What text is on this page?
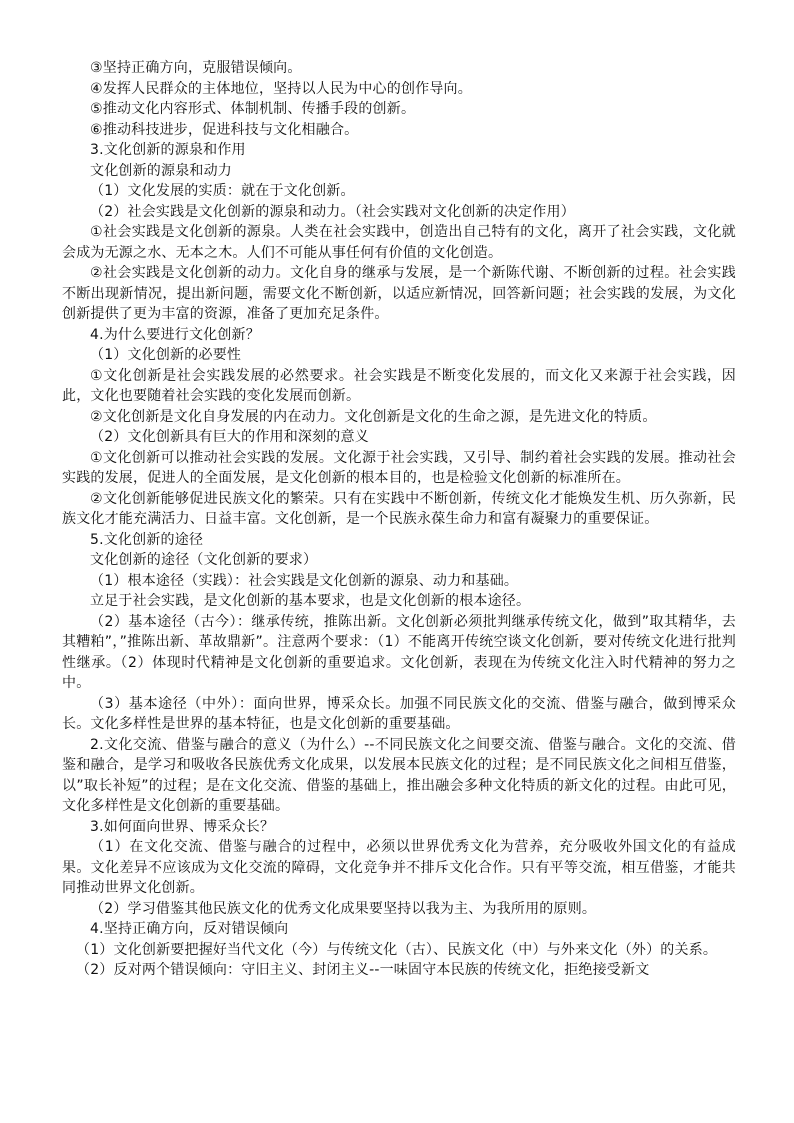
③坚持正确方向，克服错误倾向。

④发挥人民群众的主体地位，坚持以人民为中心的创作导向。

⑤推动文化内容形式、体制机制、传播手段的创新。

⑥推动科技进步，促进科技与文化相融合。

3.文化创新的源泉和作用

文化创新的源泉和动力

（1）文化发展的实质：就在于文化创新。

（2）社会实践是文化创新的源泉和动力。（社会实践对文化创新的决定作用）

①社会实践是文化创新的源泉。人类在社会实践中，创造出自己特有的文化，离开了社会实践，文化就会成为无源之水、无本之木。人们不可能从事任何有价值的文化创造。

②社会实践是文化创新的动力。文化自身的继承与发展，是一个新陈代谢、不断创新的过程。社会实践不断出现新情况，提出新问题，需要文化不断创新，以适应新情况，回答新问题；社会实践的发展，为文化创新提供了更为丰富的资源，准备了更加充足条件。

4.为什么要进行文化创新？

（1）文化创新的必要性

①文化创新是社会实践发展的必然要求。社会实践是不断变化发展的，而文化又来源于社会实践，因此，文化也要随着社会实践的变化发展而创新。

②文化创新是文化自身发展的内在动力。文化创新是文化的生命之源，是先进文化的特质。

（2）文化创新具有巨大的作用和深刻的意义

①文化创新可以推动社会实践的发展。文化源于社会实践，又引导、制约着社会实践的发展。推动社会实践的发展，促进人的全面发展，是文化创新的根本目的，也是检验文化创新的标准所在。

②文化创新能够促进民族文化的繁荣。只有在实践中不断创新，传统文化才能焕发生机、历久弥新，民族文化才能充满活力、日益丰富。文化创新，是一个民族永葆生命力和富有凝聚力的重要保证。

5.文化创新的途径

文化创新的途径（文化创新的要求）

（1）根本途径（实践）：社会实践是文化创新的源泉、动力和基础。

立足于社会实践，是文化创新的基本要求，也是文化创新的根本途径。

（2）基本途径（古今）：继承传统，推陈出新。文化创新必须批判继承传统文化，做到”取其精华，去其糟粕”，”推陈出新、革故鼎新”。注意两个要求：（1）不能离开传统空谈文化创新，要对传统文化进行批判性继承。（2）体现时代精神是文化创新的重要追求。文化创新，表现在为传统文化注入时代精神的努力之中。

（3）基本途径（中外）：面向世界，博采众长。加强不同民族文化的交流、借鉴与融合，做到博采众长。文化多样性是世界的基本特征，也是文化创新的重要基础。

2.文化交流、借鉴与融合的意义（为什么）--不同民族文化之间要交流、借鉴与融合。文化的交流、借鉴和融合，是学习和吸收各民族优秀文化成果，以发展本民族文化的过程；是不同民族文化之间相互借鉴，以”取长补短”的过程；是在文化交流、借鉴的基础上，推出融会多种文化特质的新文化的过程。由此可见，文化多样性是文化创新的重要基础。

3.如何面向世界、博采众长？

（1）在文化交流、借鉴与融合的过程中，必须以世界优秀文化为营养，充分吸收外国文化的有益成果。文化差异不应该成为文化交流的障碍，文化竞争并不排斥文化合作。只有平等交流，相互借鉴，才能共同推动世界文化创新。

（2）学习借鉴其他民族文化的优秀文化成果要坚持以我为主、为我所用的原则。

4.坚持正确方向，反对错误倾向

（1）文化创新要把握好当代文化（今）与传统文化（古）、民族文化（中）与外来文化（外）的关系。

（2）反对两个错误倾向：守旧主义、封闭主义--一味固守本民族的传统文化，拒绝接受新文
